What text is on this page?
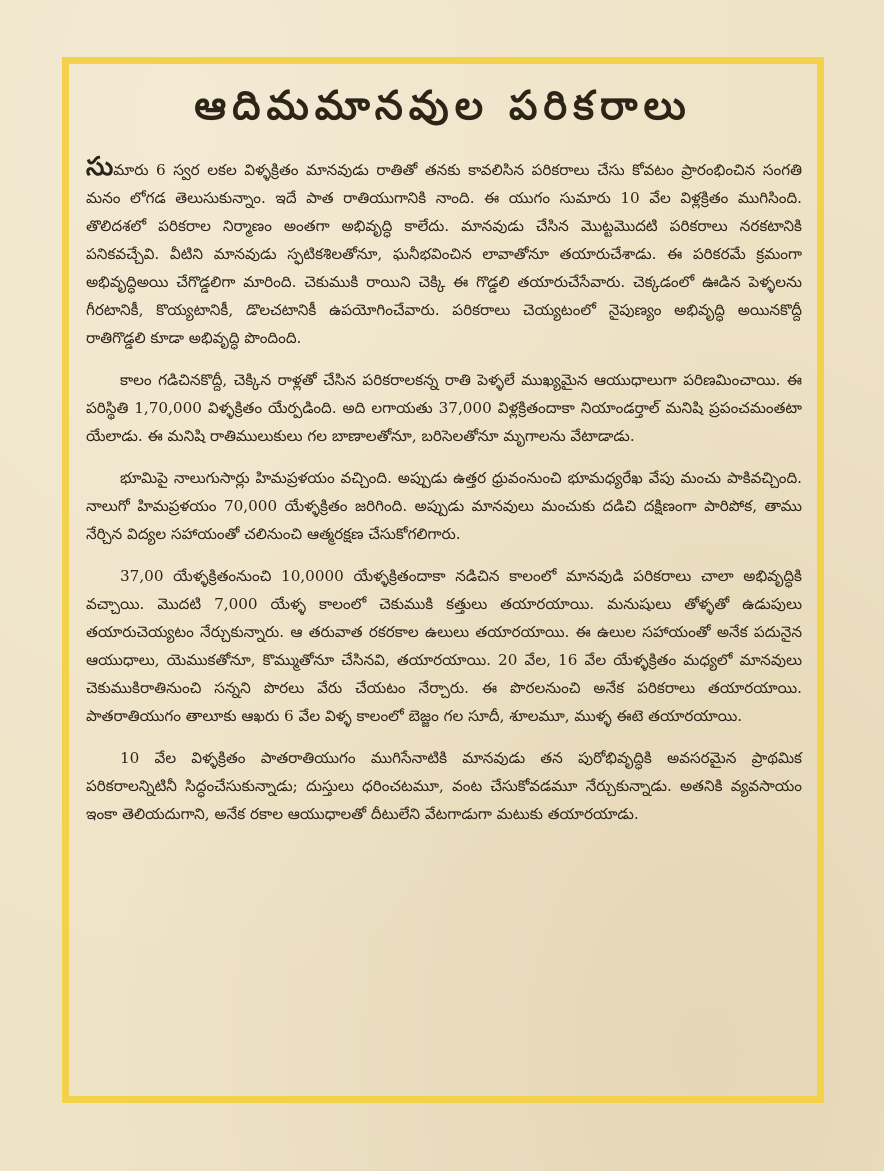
ఆదిమమానవుల పరికరాలు

సుమారు 6 స్వర లకల విళ్ళక్రితం మానవుడు రాతితో తనకు కావలిసిన పరికరాలు చేసు కోవటం ప్రారంభించిన సంగతి మనం లోగడ తెలుసుకున్నాం. ఇదే పాత రాతియుగానికి నాంది. ఈ యుగం సుమారు 10 వేల విళ్లక్రితం ముగిసింది. తొలిదశలో పరికరాల నిర్మాణం అంతగా అభివృద్ధి కాలేదు. మానవుడు చేసిన మొట్టమొదటి పరికరాలు నరకటానికి పనికవచ్చేవి. వీటిని మానవుడు స్ఫటికశిలతోనూ, ఘనీభవించిన లావాతోనూ తయారుచేశాడు. ఈ పరికరమే క్రమంగా అభివృద్ధిఅయి చేగొడ్డలిగా మారింది. చెకుముకి రాయిని చెక్కి ఈ గొడ్డలి తయారుచేసేవారు. చెక్కడంలో ఊడిన పెళ్ళలను గీరటానికీ, కొయ్యటానికీ, డొలచటానికీ ఉపయోగించేవారు. పరికరాలు చెయ్యటంలో నైపుణ్యం అభివృద్ధి అయినకొద్దీ రాతిగొడ్డలి కూడా అభివృద్ధి పొందింది.

కాలం గడిచినకొద్దీ, చెక్కిన రాళ్లతో చేసిన పరికరాలకన్న రాతి పెళ్ళలే ముఖ్యమైన ఆయుధాలుగా పరిణమించాయి. ఈ పరిస్థితి 1,70,000 విళ్ళక్రితం యేర్పడింది. అది లగాయతు 37,000 విళ్లక్రితందాకా నియాండర్తాల్ మనిషి ప్రపంచమంతటా యేలాడు. ఈ మనిషి రాతిములుకులు గల బాణాలతోనూ, బరిసెలతోనూ మృగాలను వేటాడాడు.

భూమిపై నాలుగుసార్లు హిమప్రళయం వచ్చింది. అప్పుడు ఉత్తర ధ్రువంనుంచి భూమధ్యరేఖ వేపు మంచు పాకివచ్చింది. నాలుగో హిమప్రళయం 70,000 యేళ్ళక్రితం జరిగింది. అప్పుడు మానవులు మంచుకు దడిచి దక్షిణంగా పారిపోక, తాము నేర్చిన విద్యల సహాయంతో చలినుంచి ఆత్మరక్షణ చేసుకోగలిగారు.

37,00 యేళ్ళక్రితంనుంచి 10,0000 యేళ్ళక్రితందాకా నడిచిన కాలంలో మానవుడి పరికరాలు చాలా అభివృద్ధికి వచ్చాయి. మొదటి 7,000 యేళ్ళ కాలంలో చెకుముకి కత్తులు తయారయాయి. మనుషులు తోళ్ళతో ఉడుపులు తయారుచెయ్యటం నేర్చుకున్నారు. ఆ తరువాత రకరకాల ఉలులు తయారయాయి. ఈ ఉలుల సహాయంతో అనేక పదునైన ఆయుధాలు, యెముకతోనూ, కొమ్ముతోనూ చేసినవి, తయారయాయి. 20 వేల, 16 వేల యేళ్ళక్రితం మధ్యలో మానవులు చెకుముకిరాతినుంచి సన్నని పొరలు వేరు చేయటం నేర్చారు. ఈ పొరలనుంచి అనేక పరికరాలు తయారయాయి. పాతరాతియుగం తాలూకు ఆఖరు 6 వేల విళ్ళ కాలంలో బెజ్జం గల సూదీ, శూలమూ, ముళ్ళ ఈటె తయారయాయి.

10 వేల విళ్ళక్రితం పాతరాతియుగం ముగిసేనాటికి మానవుడు తన పురోభివృద్ధికి అవసరమైన ప్రాథమిక పరికరాలన్నిటినీ సిద్ధంచేసుకున్నాడు; దుస్తులు ధరించటమూ, వంట చేసుకోవడమూ నేర్చుకున్నాడు. అతనికి వ్యవసాయం ఇంకా తెలియదుగాని, అనేక రకాల ఆయుధాలతో దీటులేని వేటగాడుగా మటుకు తయారయాడు.
